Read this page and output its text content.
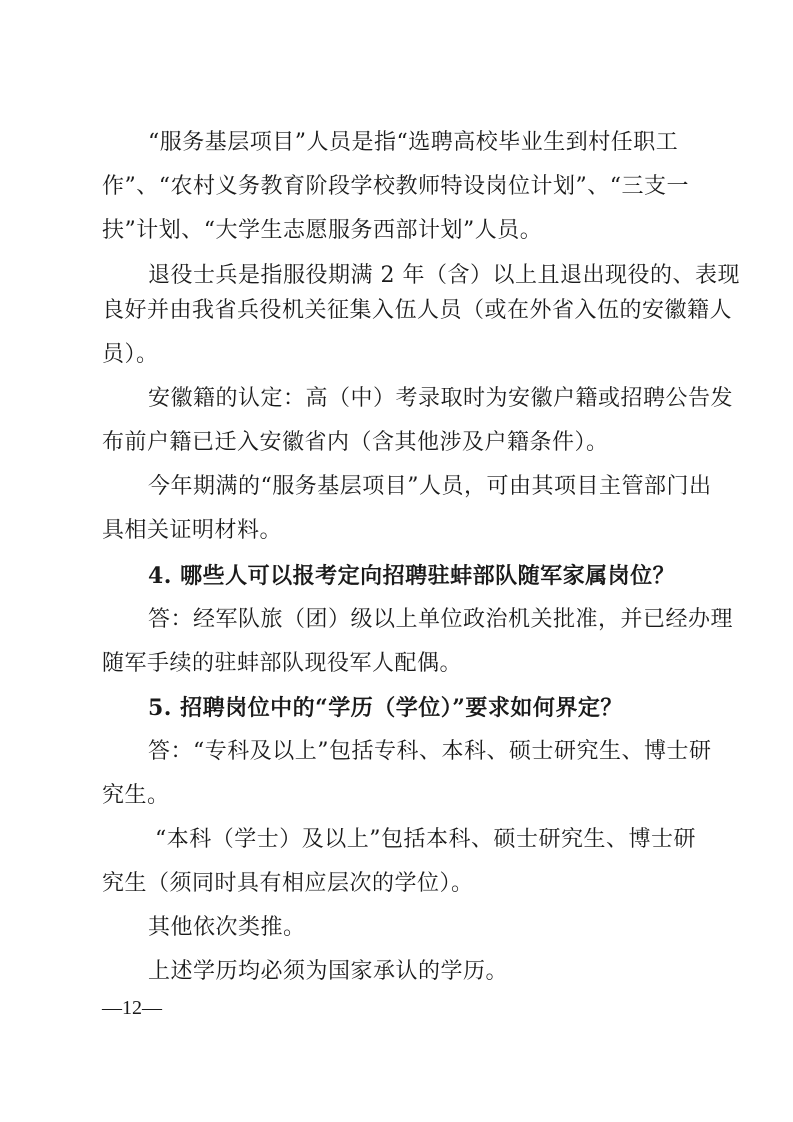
“服务基层项目”人员是指“选聘高校毕业生到村任职工
作”、“农村义务教育阶段学校教师特设岗位计划”、“三支一
扶”计划、“大学生志愿服务西部计划”人员。
退役士兵是指服役期满 2 年（含）以上且退出现役的、表现
良好并由我省兵役机关征集入伍人员（或在外省入伍的安徽籍人
员）。
安徽籍的认定：高（中）考录取时为安徽户籍或招聘公告发
布前户籍已迁入安徽省内（含其他涉及户籍条件）。
今年期满的“服务基层项目”人员，可由其项目主管部门出
具相关证明材料。
4. 哪些人可以报考定向招聘驻蚌部队随军家属岗位？
答：经军队旅（团）级以上单位政治机关批准，并已经办理
随军手续的驻蚌部队现役军人配偶。
5. 招聘岗位中的“学历（学位）”要求如何界定？
答：“专科及以上”包括专科、本科、硕士研究生、博士研
究生。
“本科（学士）及以上”包括本科、硕士研究生、博士研
究生（须同时具有相应层次的学位）。
其他依次类推。
上述学历均必须为国家承认的学历。
—12—
